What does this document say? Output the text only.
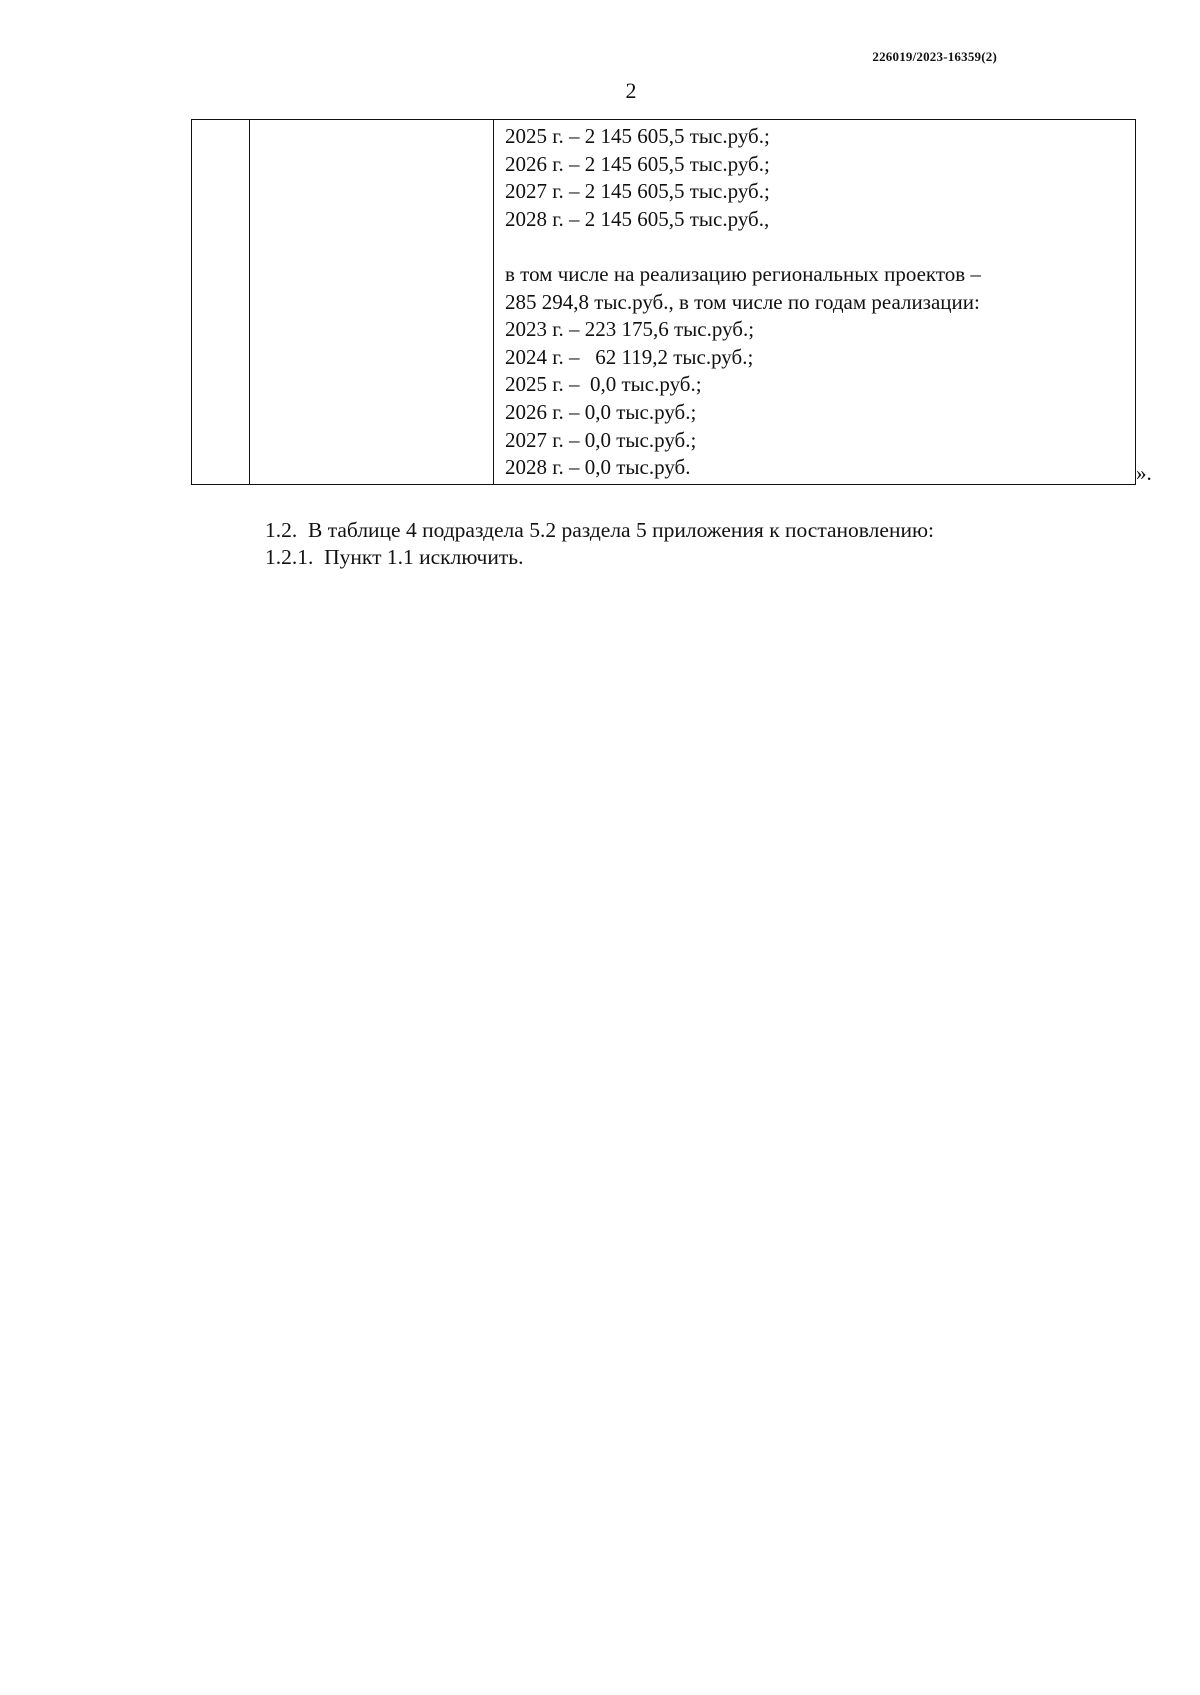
226019/2023-16359(2)
2

2025 г. – 2 145 605,5 тыс.руб.;
2026 г. – 2 145 605,5 тыс.руб.;
2027 г. – 2 145 605,5 тыс.руб.;
2028 г. – 2 145 605,5 тыс.руб.,
в том числе на реализацию региональных проектов –
285 294,8 тыс.руб., в том числе по годам реализации:
2023 г. – 223 175,6 тыс.руб.;
2024 г. –   62 119,2 тыс.руб.;
2025 г. –  0,0 тыс.руб.;
2026 г. – 0,0 тыс.руб.;
2027 г. – 0,0 тыс.руб.;
2028 г. – 0,0 тыс.руб.	».
1.2.  В таблице 4 подраздела 5.2 раздела 5 приложения к постановлению:
1.2.1.  Пункт 1.1 исключить.
